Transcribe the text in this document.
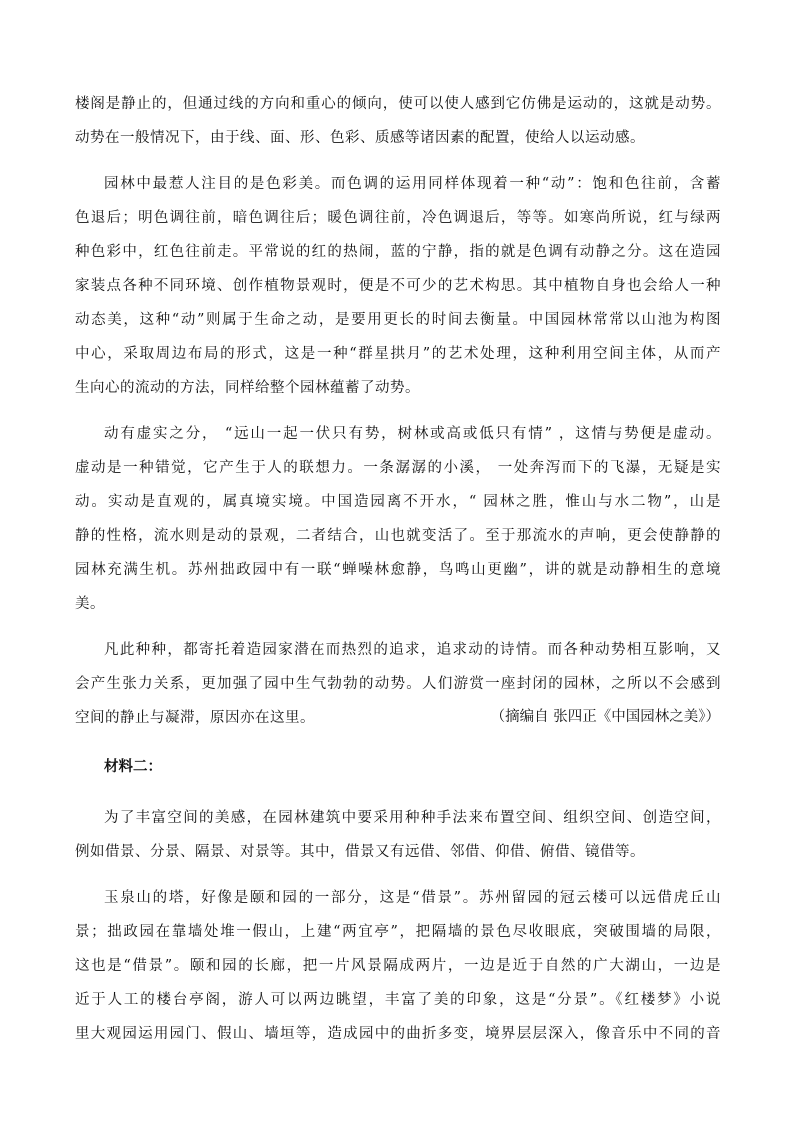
楼阁是静止的，但通过线的方向和重心的倾向，使可以使人感到它仿佛是运动的，这就是动势。
动势在一般情况下，由于线、面、形、色彩、质感等诸因素的配置，使给人以运动感。
园林中最惹人注目的是色彩美。而色调的运用同样体现着一种“动”：饱和色往前，含蓄
色退后；明色调往前，暗色调往后；暖色调往前，冷色调退后，等等。如寒尚所说，红与绿两
种色彩中，红色往前走。平常说的红的热闹，蓝的宁静，指的就是色调有动静之分。这在造园
家装点各种不同环境、创作植物景观时，便是不可少的艺术构思。其中植物自身也会给人一种
动态美，这种“动”则属于生命之动，是要用更长的时间去衡量。中国园林常常以山池为构图
中心，采取周边布局的形式，这是一种“群星拱月”的艺术处理，这种利用空间主体，从而产
生向心的流动的方法，同样给整个园林蕴蓄了动势。
动有虚实之分， “远山一起一伏只有势，树林或高或低只有情” ，这情与势便是虚动。
虚动是一种错觉，它产生于人的联想力。一条潺潺的小溪， 一处奔泻而下的飞瀑，无疑是实
动。实动是直观的，属真境实境。中国造园离不开水，“ 园林之胜，惟山与水二物”，山是
静的性格，流水则是动的景观，二者结合，山也就变活了。至于那流水的声响，更会使静静的
园林充满生机。苏州拙政园中有一联“蝉噪林愈静，鸟鸣山更幽”，讲的就是动静相生的意境
美。
凡此种种，都寄托着造园家潜在而热烈的追求，追求动的诗情。而各种动势相互影响，又
会产生张力关系，更加强了园中生气勃勃的动势。人们游赏一座封闭的园林，之所以不会感到
空间的静止与凝滞，原因亦在这里。
为了丰富空间的美感，在园林建筑中要采用种种手法来布置空间、组织空间、创造空间，
例如借景、分景、隔景、对景等。其中，借景又有远借、邻借、仰借、俯借、镜借等。
玉泉山的塔，好像是颐和园的一部分，这是“借景”。苏州留园的冠云楼可以远借虎丘山
景；拙政园在靠墙处堆一假山，上建“两宜亭”，把隔墙的景色尽收眼底，突破围墙的局限，
这也是“借景”。颐和园的长廊，把一片风景隔成两片，一边是近于自然的广大湖山，一边是
近于人工的楼台亭阁，游人可以两边眺望，丰富了美的印象，这是“分景”。《红楼梦》小说
里大观园运用园门、假山、墙垣等，造成园中的曲折多变，境界层层深入，像音乐中不同的音
（摘编自 张四正《中国园林之美》）
材料二：
